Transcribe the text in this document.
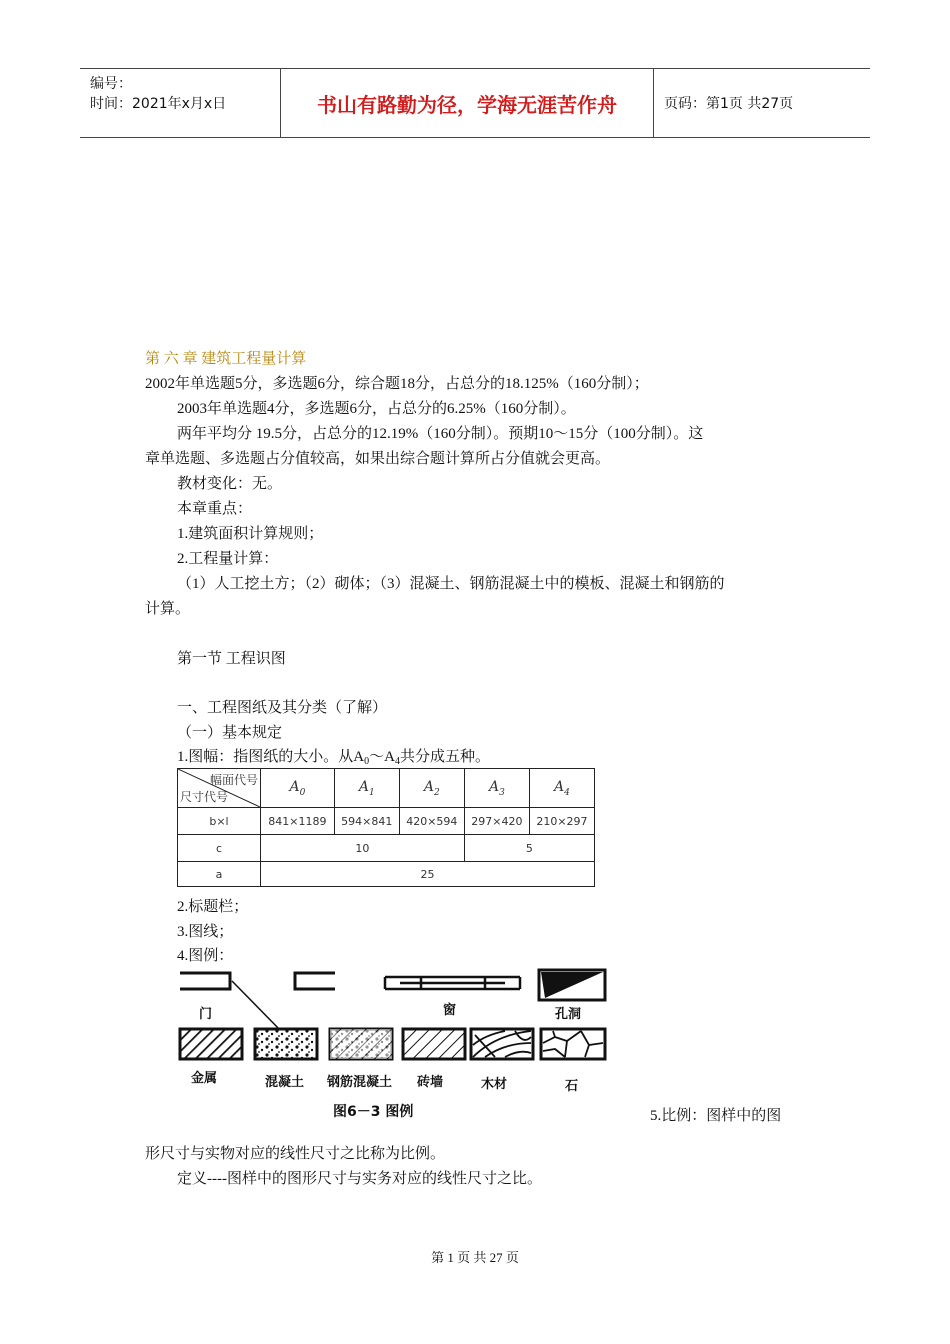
编号：
时间：2021年x月x日	书山有路勤为径，学海无涯苦作舟	页码：第1页 共27页
第 六 章 建筑工程量计算
2002年单选题5分，多选题6分，综合题18分，占总分的18.125%（160分制）；
2003年单选题4分，多选题6分，占总分的6.25%（160分制）。
两年平均分 19.5分，占总分的12.19%（160分制）。预期10～15分（100分制）。这
章单选题、多选题占分值较高，如果出综合题计算所占分值就会更高。
教材变化：无。
本章重点：
1.建筑面积计算规则；
2.工程量计算：
（1）人工挖土方；（2）砌体；（3）混凝土、钢筋混凝土中的模板、混凝土和钢筋的
计算。
第一节 工程识图
一、工程图纸及其分类（了解）
（一）基本规定
1.图幅：指图纸的大小。从$A_0\sim A_4$共分成五种。
幅面代号
尺寸代号	$A_0$	$A_1$	$A_2$	$A_3$	$A_4$
b×l	841×1189	594×841	420×594	297×420	210×297
c	10			5	
a	25				
2.标题栏；
3.图线；
4.图例：
门	窗	孔洞
金属	混凝土 钢筋混凝土 砖墙	木材	石
图6－3 图例	5.比例：图样中的图
形尺寸与实物对应的线性尺寸之比称为比例。
定义----图样中的图形尺寸与实务对应的线性尺寸之比。
第 1 页 共 27 页
